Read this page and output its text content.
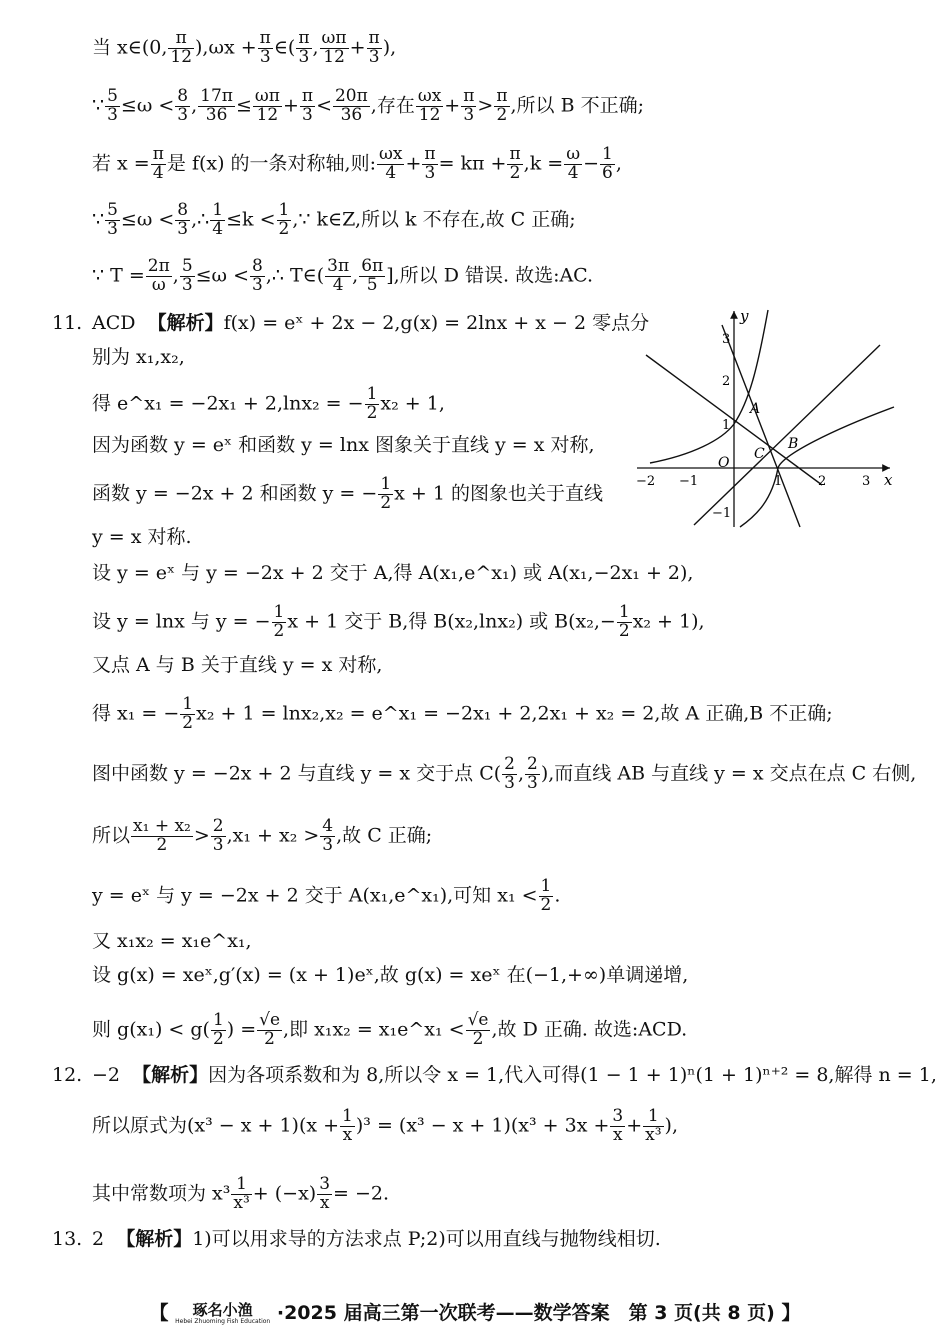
当 x∈(0, $\frac{\pi}{12} ),\omega x + \frac{\pi}{3}$ ∈( $\frac{\pi}{3}$ , $\frac{\omega\pi}{12} + \frac{\pi}{3}$ ),
∵ $\frac{5}{3} \le\omega < \frac{8}{3}$ , $\frac{17\pi}{36} \le \frac{\omega\pi}{12} + \frac{\pi}{3} < \frac{20\pi}{36}$ ,存在 $\frac{\omega x}{12} + \frac{\pi}{3} > \frac{\pi}{2}$ ,所以 B 不正确;
若 $x = \frac{\pi}{4}$ 是 f(x) 的一条对称轴,则: $\frac{\omega x}{4} + \frac{\pi}{3} = k\pi + \frac{\pi}{2} ,k = \frac{\omega}{4} - \frac{1}{6}$ ,
∵ $\frac{5}{3} \le\omega < \frac{8}{3}$ ,∴ $\frac{1}{4} \le k < \frac{1}{2}$ ,∵ k∈Z,所以 k 不存在,故 C 正确;
∵ $T = \frac{2\pi}{\omega}$ , $\frac{5}{3} \le\omega < \frac{8}{3}$ ,∴ T∈( $\frac{3\pi}{4}$ , $\frac{6\pi}{5}$ ],所以 D 错误. 故选:AC.
11. ACD 【解析】f(x) = eˣ + 2x − 2,g(x) = 2lnx + x − 2 零点分
别为 x₁,x₂,
得 e^x₁ = −2x₁ + 2,lnx₂ = − $\frac{1}{2} x_2 + 1$,
因为函数 y = eˣ 和函数 y = lnx 图象关于直线 y = x 对称,
函数 y = −2x + 2 和函数 y = − $\frac{1}{2}$ x + 1 的图象也关于直线
y = x 对称.
设 y = eˣ 与 y = −2x + 2 交于 A,得 A(x₁,e^x₁) 或 A(x₁,−2x₁ + 2),
设 y = lnx 与 y = − $\frac{1}{2}$ x + 1 交于 B,得 B(x₂,lnx₂) 或 $B(x_2,- \frac{1}{2} x_2 + 1)$,
又点 A 与 B 关于直线 y = x 对称,
得 x₁ = − $\frac{1}{2} x_2 + 1 = \ln x_2,x_2$ = e^x₁ = −2x₁ + 2,2x₁ + x₂ = 2,故 A 正确,B 不正确;
图中函数 y = −2x + 2 与直线 y = x 交于点 $C( \frac{2}{3}$ , $\frac{2}{3}$ ),而直线 AB 与直线 y = x 交点在点 C 右侧,
所以 $\frac{\text{x₁ + x₂}}{2} > \frac{2}{3} ,x_1 + x_2 > \frac{4}{3}$ ,故 C 正确;
y = eˣ 与 y = −2x + 2 交于 A(x₁,e^x₁),可知 $x_1 < \frac{1}{2}$ .
又 x₁x₂ = x₁e^x₁,
设 g(x) = xeˣ,g′(x) = (x + 1)eˣ,故 g(x) = xeˣ 在(−1,+∞)单调递增,
则 $g(x_1) < g( \frac{1}{2}$ ) = $\frac{√e}{2}$ ,即 x₁x₂ = x₁e^x₁ < $\frac{√e}{2}$ ,故 D 正确. 故选:ACD.
y
x
O
A
B
C
−2 −1	1	2	3
3
2
1
−1
12. −2 【解析】因为各项系数和为 8,所以令 x = 1,代入可得(1 − 1 + 1)ⁿ(1 + 1)ⁿ⁺² = 8,解得 n = 1,
所以原式为$(x^3 - x + 1)(x + \frac{1}{x} )^3 = (x^3 - x + 1)(x^3 + 3x + \frac{3}{x} + \frac{1}{\text{x³}}$ ),
其中常数项为 $x^3 \frac{1}{\text{x³}} + (-x) \frac{3}{x} = -2$.
13. 2 【解析】1)可以用求导的方法求点 P;2)可以用直线与抛物线相切.
【 琢名小渔
Hebei Zhuoming Fish Education ·2025 届高三第一次联考——数学答案　第 3 页(共 8 页) 】
